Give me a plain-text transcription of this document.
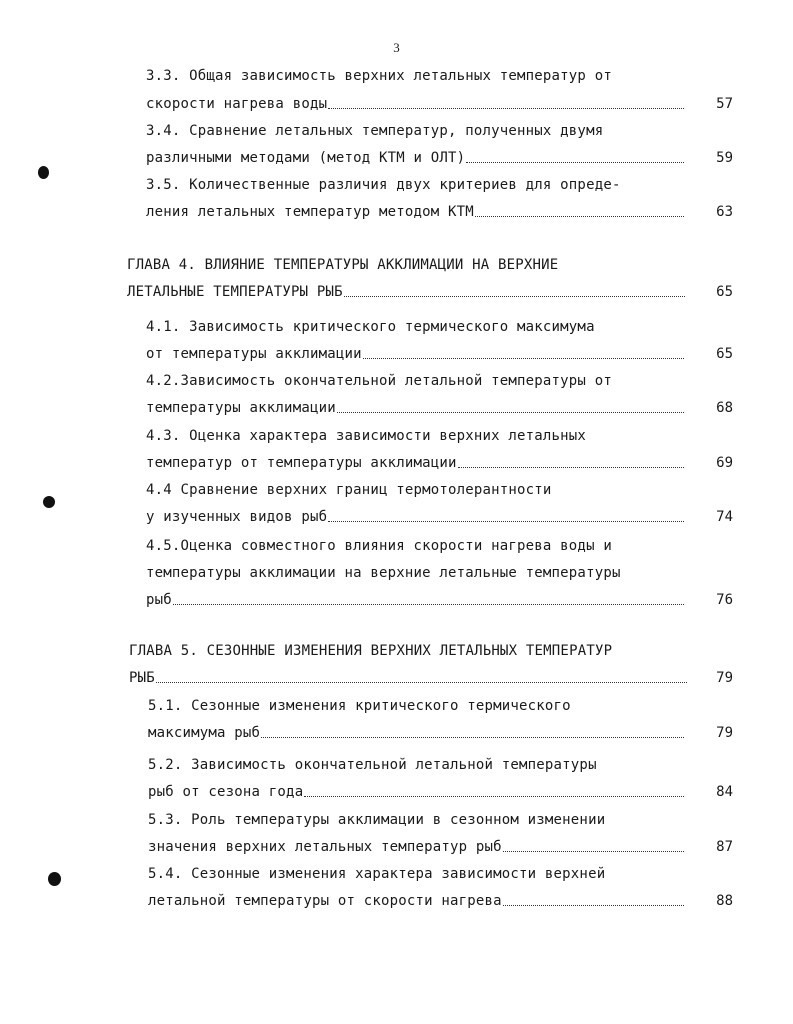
3
3.3. Общая зависимость верхних летальных температур от
скорости нагрева воды	57
3.4. Сравнение летальных температур, полученных двумя
различными методами (метод КТМ и ОЛТ)	59
3.5. Количественные различия двух критериев для опреде-
ления летальных температур методом КТМ	63
ГЛАВА 4. ВЛИЯНИЕ ТЕМПЕРАТУРЫ АККЛИМАЦИИ НА ВЕРХНИЕ
ЛЕТАЛЬНЫЕ ТЕМПЕРАТУРЫ РЫБ	65
4.1. Зависимость критического термического максимума
от температуры акклимации	65
4.2.Зависимость окончательной летальной температуры от
температуры акклимации	68
4.3. Оценка характера зависимости верхних летальных
температур от температуры акклимации	69
4.4 Сравнение верхних границ термотолерантности
у изученных видов рыб	74
4.5.Оценка совместного влияния скорости нагрева воды и
температуры акклимации на верхние летальные температуры
рыб	76
ГЛАВА 5. СЕЗОННЫЕ ИЗМЕНЕНИЯ ВЕРХНИХ ЛЕТАЛЬНЫХ ТЕМПЕРАТУР
РЫБ	79
5.1. Сезонные изменения критического термического
максимума рыб	79
5.2. Зависимость окончательной летальной температуры
рыб от сезона года	84
5.3. Роль температуры акклимации в сезонном изменении
значения верхних летальных температур рыб	87
5.4. Сезонные изменения характера зависимости верхней
летальной температуры от скорости нагрева	88
